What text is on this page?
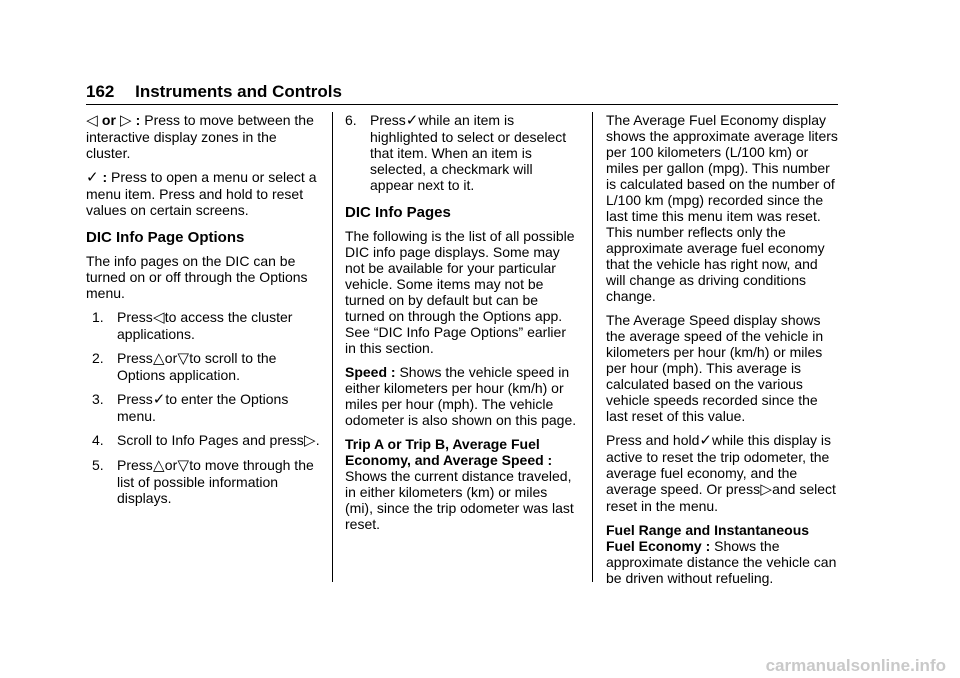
162 Instruments and Controls

◁ or ▷ : Press to move between the interactive display zones in the cluster.

✓ : Press to open a menu or select a menu item. Press and hold to reset values on certain screens.

DIC Info Page Options

The info pages on the DIC can be turned on or off through the Options menu.

1. Press◁to access the cluster applications.
2. Press△or▽to scroll to the Options application.
3. Press✓to enter the Options menu.
4. Scroll to Info Pages and press▷.
5. Press△or▽to move through the list of possible information displays.
6. Press✓while an item is highlighted to select or deselect that item. When an item is selected, a checkmark will appear next to it.
DIC Info Pages

The following is the list of all possible DIC info page displays. Some may not be available for your particular vehicle. Some items may not be turned on by default but can be turned on through the Options app. See “DIC Info Page Options” earlier in this section.

Speed : Shows the vehicle speed in either kilometers per hour (km/h) or miles per hour (mph). The vehicle odometer is also shown on this page.

Trip A or Trip B, Average Fuel Economy, and Average Speed : Shows the current distance traveled, in either kilometers (km) or miles (mi), since the trip odometer was last reset.

The Average Fuel Economy display shows the approximate average liters per 100 kilometers (L/100 km) or miles per gallon (mpg). This number is calculated based on the number of L/100 km (mpg) recorded since the last time this menu item was reset. This number reflects only the approximate average fuel economy that the vehicle has right now, and will change as driving conditions change.

The Average Speed display shows the average speed of the vehicle in kilometers per hour (km/h) or miles per hour (mph). This average is calculated based on the various vehicle speeds recorded since the last reset of this value.

Press and hold✓while this display is active to reset the trip odometer, the average fuel economy, and the average speed. Or press▷and select reset in the menu.

Fuel Range and Instantaneous Fuel Economy : Shows the approximate distance the vehicle can be driven without refueling.

carmanualsonline.info
